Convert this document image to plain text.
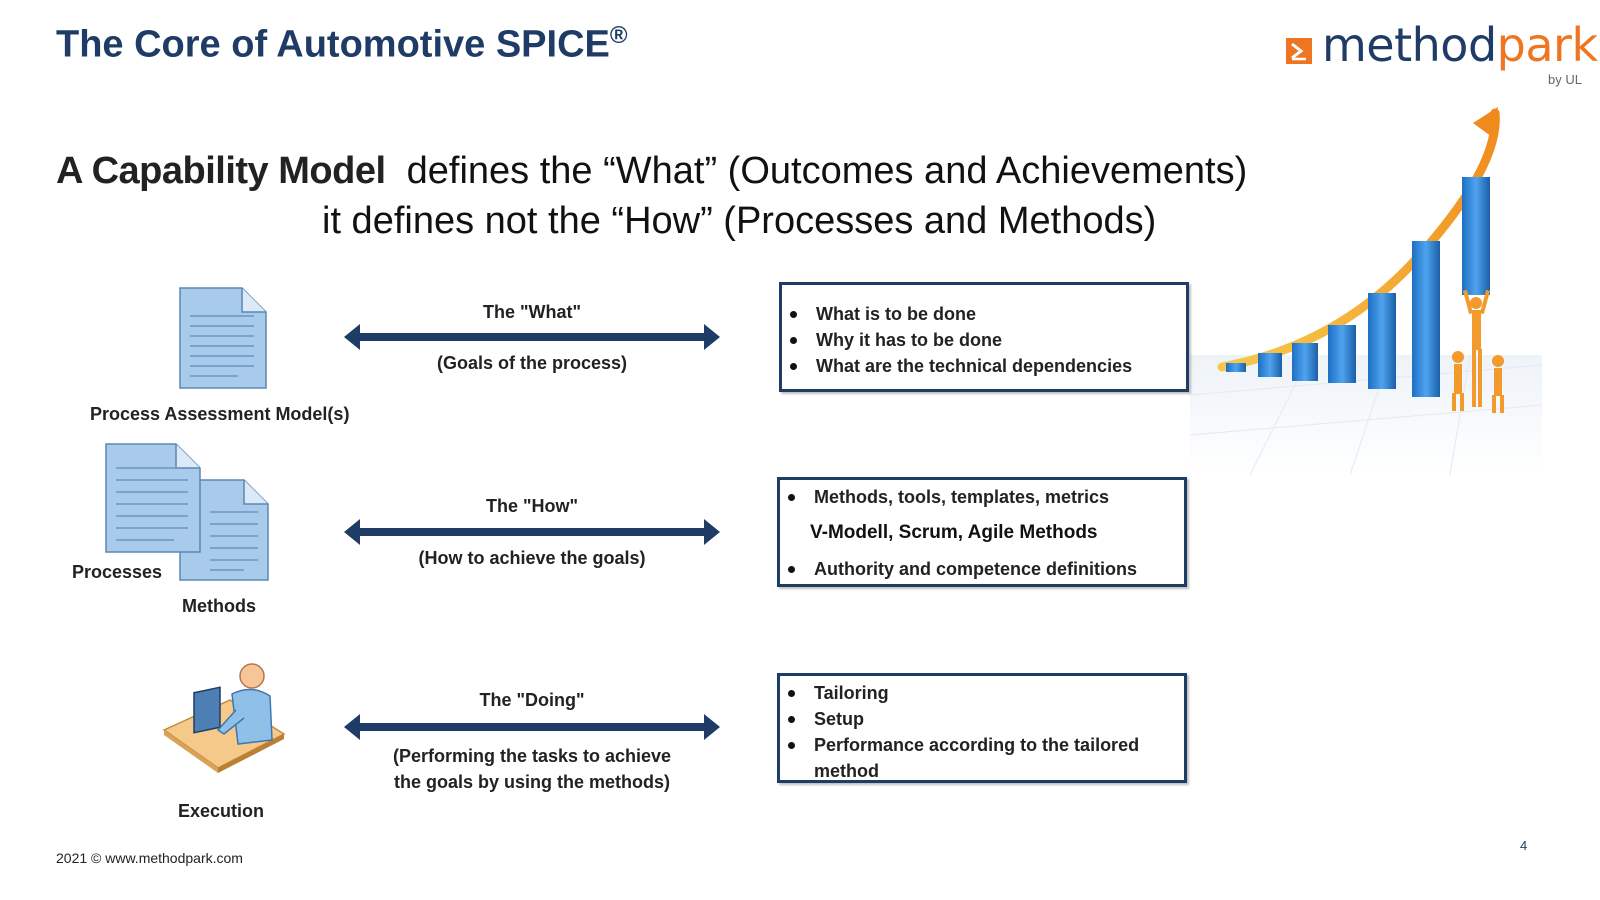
The Core of Automotive SPICE®	methodpark
by UL
A Capability Model defines the “What” (Outcomes and Achievements)
it defines not the “How” (Processes and Methods)
Process Assessment Model(s)
The "What"
(Goals of the process)
What is to be done
Why it has to be done
What are the technical dependencies
Processes
Methods
The "How"
(How to achieve the goals)
Methods, tools, templates, metrics
V-Modell, Scrum, Agile Methods
Authority and competence definitions
Execution
The "Doing"
(Performing the tasks to achieve the goals by using the methods)
Tailoring
Setup
Performance according to the tailored method
2021 © www.methodpark.com
4
